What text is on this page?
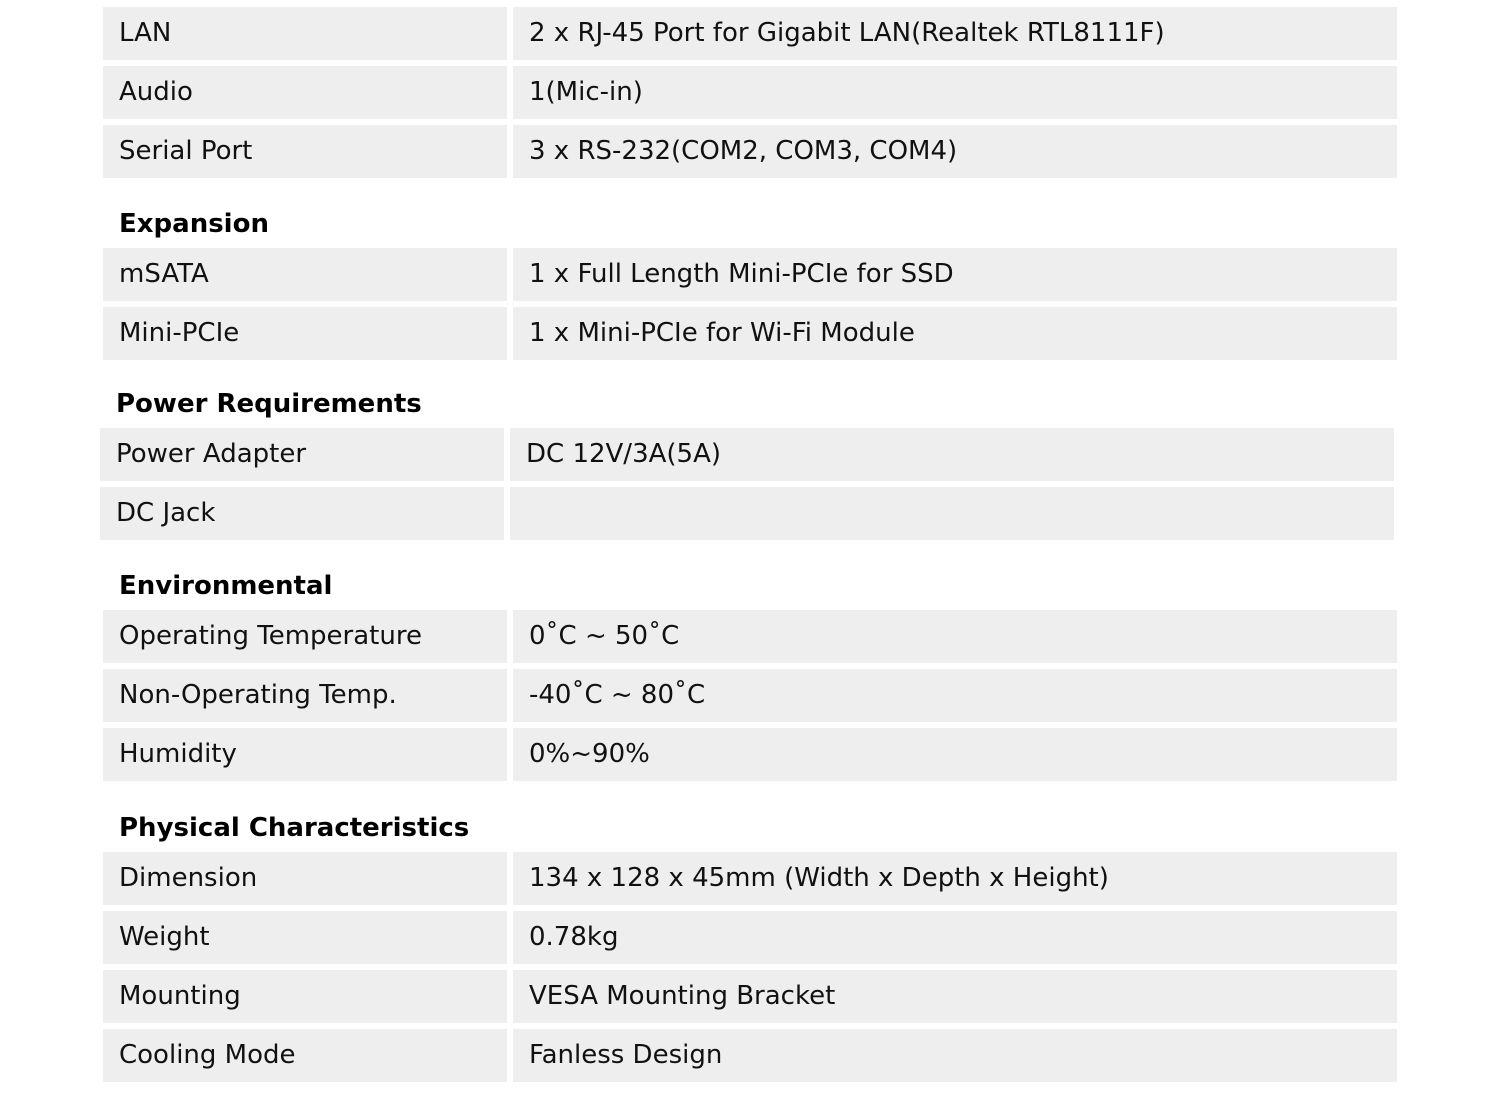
LAN	2 x RJ-45 Port for Gigabit LAN(Realtek RTL8111F)
Audio	1(Mic-in)
Serial Port	3 x RS-232(COM2, COM3, COM4)
Expansion
mSATA	1 x Full Length Mini-PCIe for SSD
Mini-PCIe	1 x Mini-PCIe for Wi-Fi Module
Power Requirements
Power Adapter	DC 12V/3A(5A)
DC Jack
Environmental
Operating Temperature	0˚C ~ 50˚C
Non-Operating Temp.	-40˚C ~ 80˚C
Humidity	0%~90%
Physical Characteristics
Dimension	134 x 128 x 45mm (Width x Depth x Height)
Weight	0.78kg
Mounting	VESA Mounting Bracket
Cooling Mode	Fanless Design
